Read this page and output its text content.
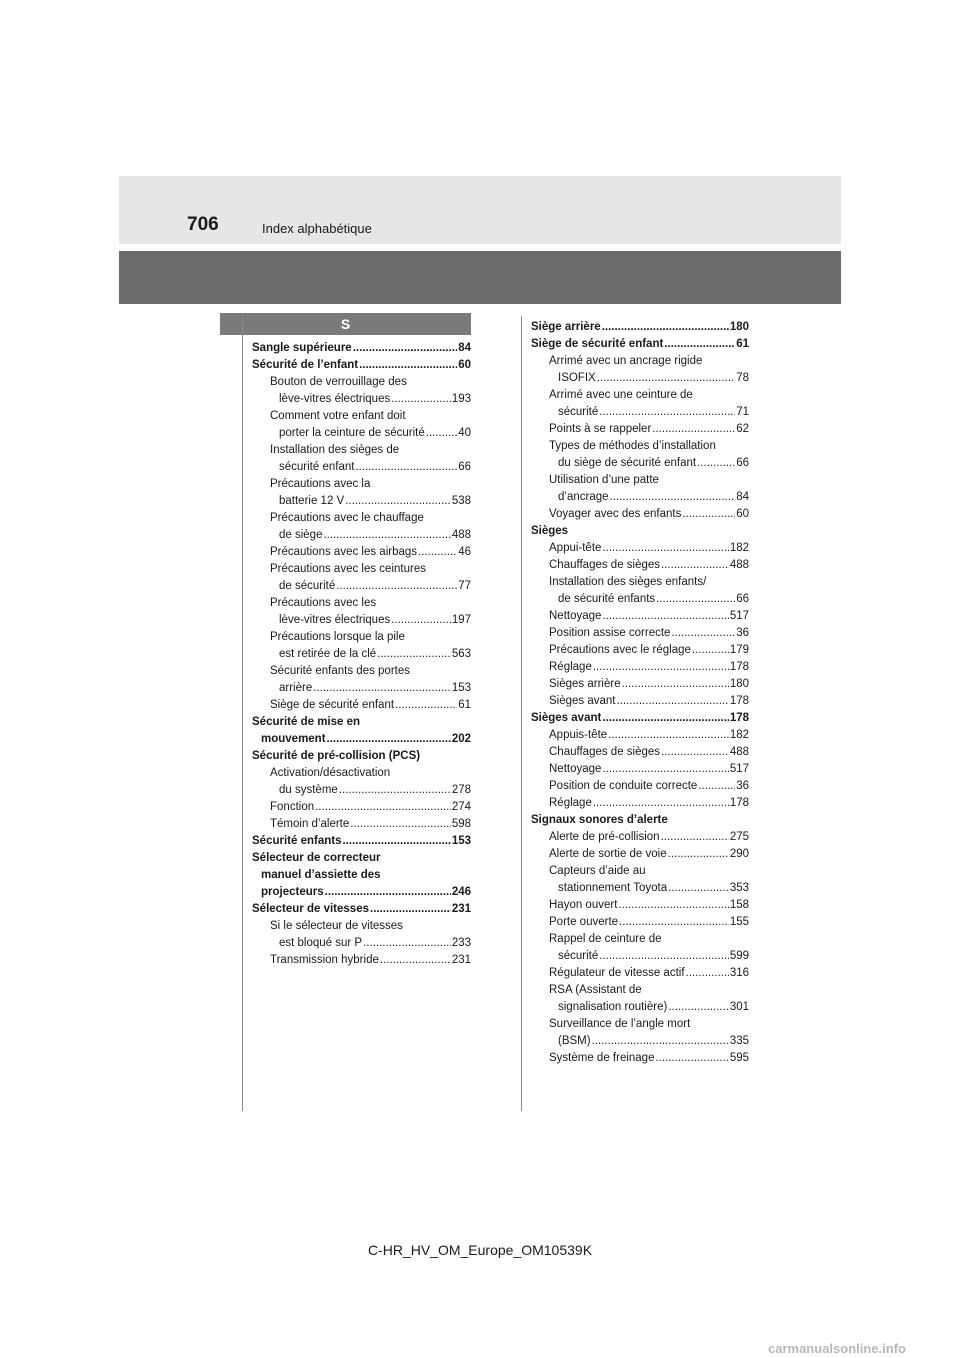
706	Index alphabétique
S
Sangle supérieure .....	84
Sécurité de l’enfant .....	60
Bouton de verrouillage des
lève-vitres électriques .....	193
Comment votre enfant doit
porter la ceinture de sécurité .....	40
Installation des sièges de
sécurité enfant .....	66
Précautions avec la
batterie 12 V .....	538
Précautions avec le chauffage
de siège .....	488
Précautions avec les airbags .....	46
Précautions avec les ceintures
de sécurité .....	77
Précautions avec les
lève-vitres électriques .....	197
Précautions lorsque la pile
est retirée de la clé .....	563
Sécurité enfants des portes
arrière .....	153
Siège de sécurité enfant .....	61
Sécurité de mise en
mouvement .....	202
Sécurité de pré-collision (PCS)
Activation/désactivation
du système .....	278
Fonction .....	274
Témoin d’alerte .....	598
Sécurité enfants .....	153
Sélecteur de correcteur
manuel d’assiette des
projecteurs .....	246
Sélecteur de vitesses .....	231
Si le sélecteur de vitesses
est bloqué sur P .....	233
Transmission hybride .....	231
Siège arrière .....	180
Siège de sécurité enfant .....	61
Arrimé avec un ancrage rigide
ISOFIX .....	78
Arrimé avec une ceinture de
sécurité .....	71
Points à se rappeler .....	62
Types de méthodes d’installation
du siège de sécurité enfant .....	66
Utilisation d’une patte
d’ancrage .....	84
Voyager avec des enfants .....	60
Sièges
Appui-tête .....	182
Chauffages de sièges .....	488
Installation des sièges enfants/
de sécurité enfants .....	66
Nettoyage .....	517
Position assise correcte .....	36
Précautions avec le réglage .....	179
Réglage .....	178
Sièges arrière .....	180
Sièges avant .....	178
Sièges avant .....	178
Appuis-tête .....	182
Chauffages de sièges .....	488
Nettoyage .....	517
Position de conduite correcte .....	36
Réglage .....	178
Signaux sonores d’alerte
Alerte de pré-collision .....	275
Alerte de sortie de voie .....	290
Capteurs d’aide au
stationnement Toyota .....	353
Hayon ouvert .....	158
Porte ouverte .....	155
Rappel de ceinture de
sécurité .....	599
Régulateur de vitesse actif .....	316
RSA (Assistant de
signalisation routière) .....	301
Surveillance de l’angle mort
(BSM) .....	335
Système de freinage .....	595
C-HR_HV_OM_Europe_OM10539K
carmanualsonline.info
